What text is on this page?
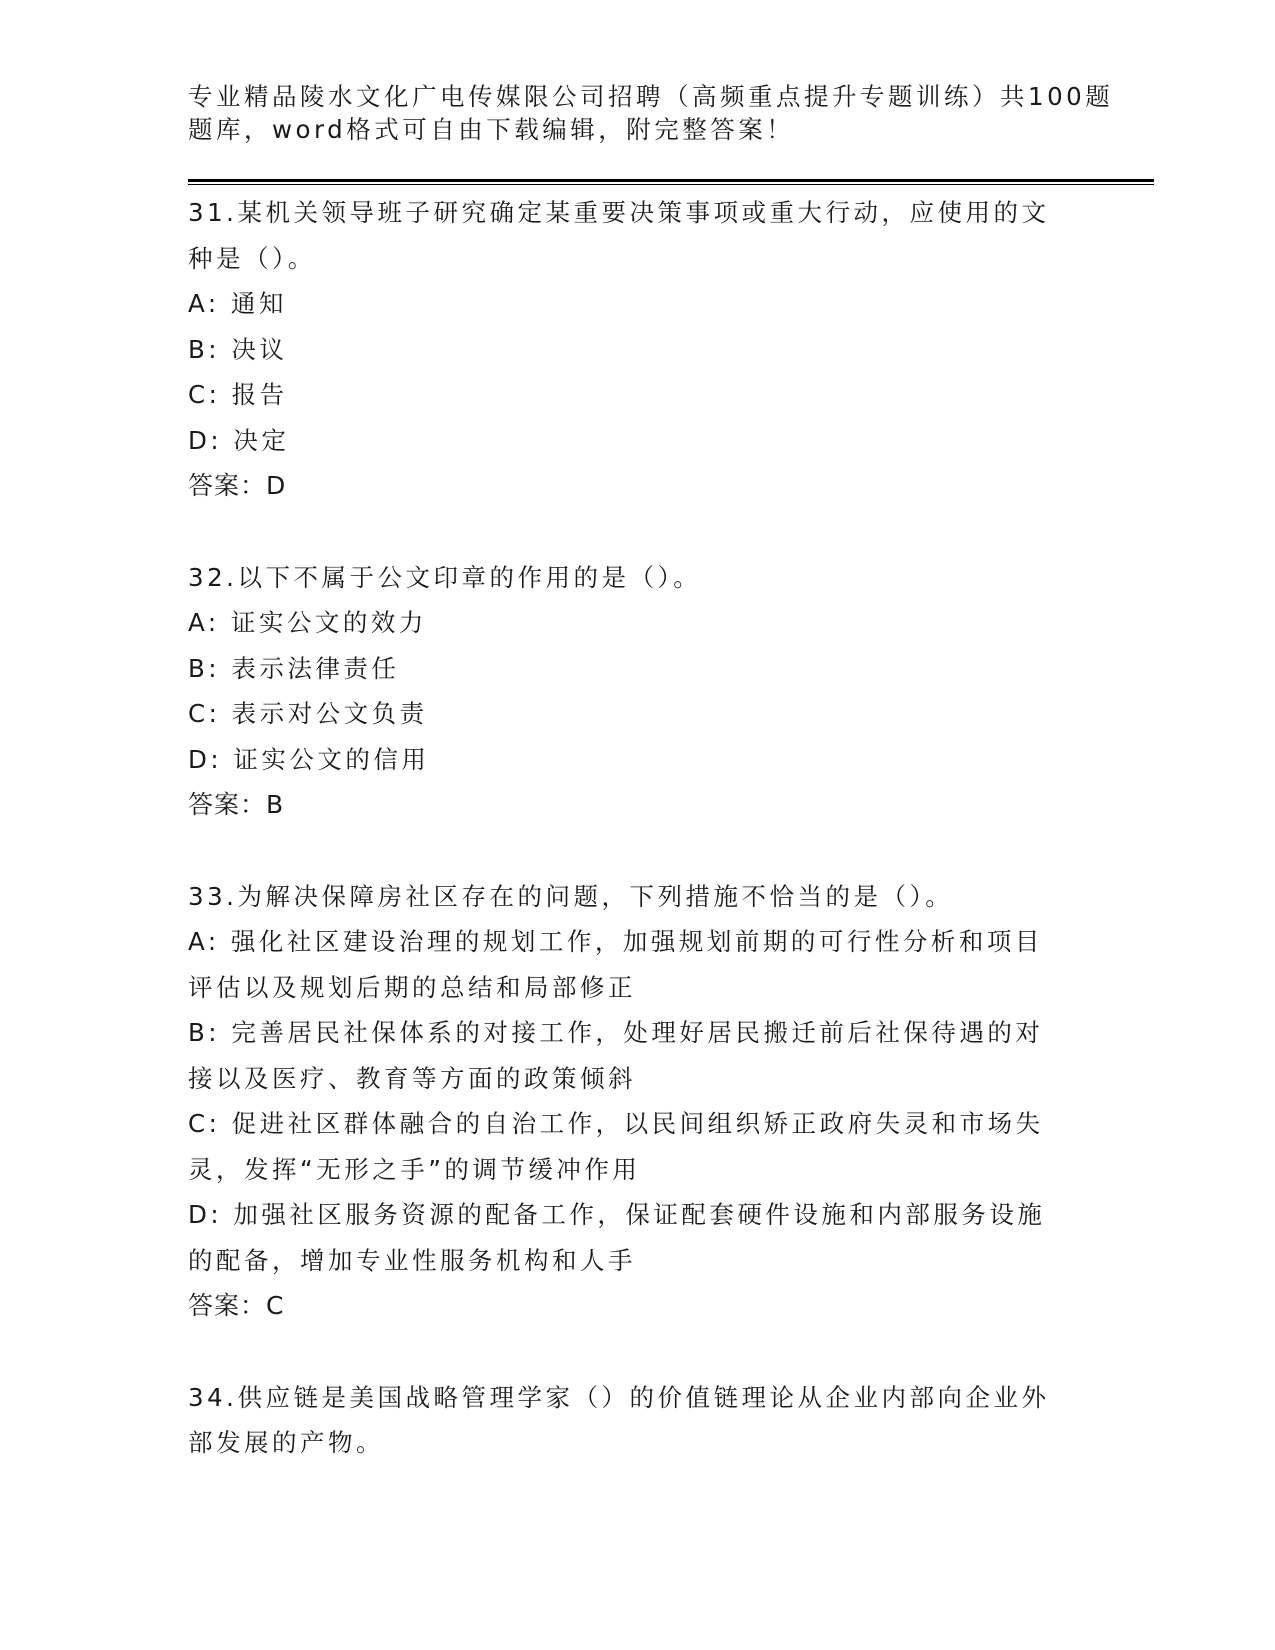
专业精品陵水文化广电传媒限公司招聘（高频重点提升专题训练）共100题
题库，word格式可自由下载编辑，附完整答案！
31.某机关领导班子研究确定某重要决策事项或重大行动，应使用的文
种是（）。
A: 通知
B: 决议
C: 报告
D: 决定
答案：D
32.以下不属于公文印章的作用的是（）。
A: 证实公文的效力
B: 表示法律责任
C: 表示对公文负责
D: 证实公文的信用
答案：B
33.为解决保障房社区存在的问题，下列措施不恰当的是（）。
A: 强化社区建设治理的规划工作，加强规划前期的可行性分析和项目
评估以及规划后期的总结和局部修正
B: 完善居民社保体系的对接工作，处理好居民搬迁前后社保待遇的对
接以及医疗、教育等方面的政策倾斜
C: 促进社区群体融合的自治工作，以民间组织矫正政府失灵和市场失
灵，发挥“无形之手”的调节缓冲作用
D: 加强社区服务资源的配备工作，保证配套硬件设施和内部服务设施
的配备，增加专业性服务机构和人手
答案：C
34.供应链是美国战略管理学家（）的价值链理论从企业内部向企业外
部发展的产物。
